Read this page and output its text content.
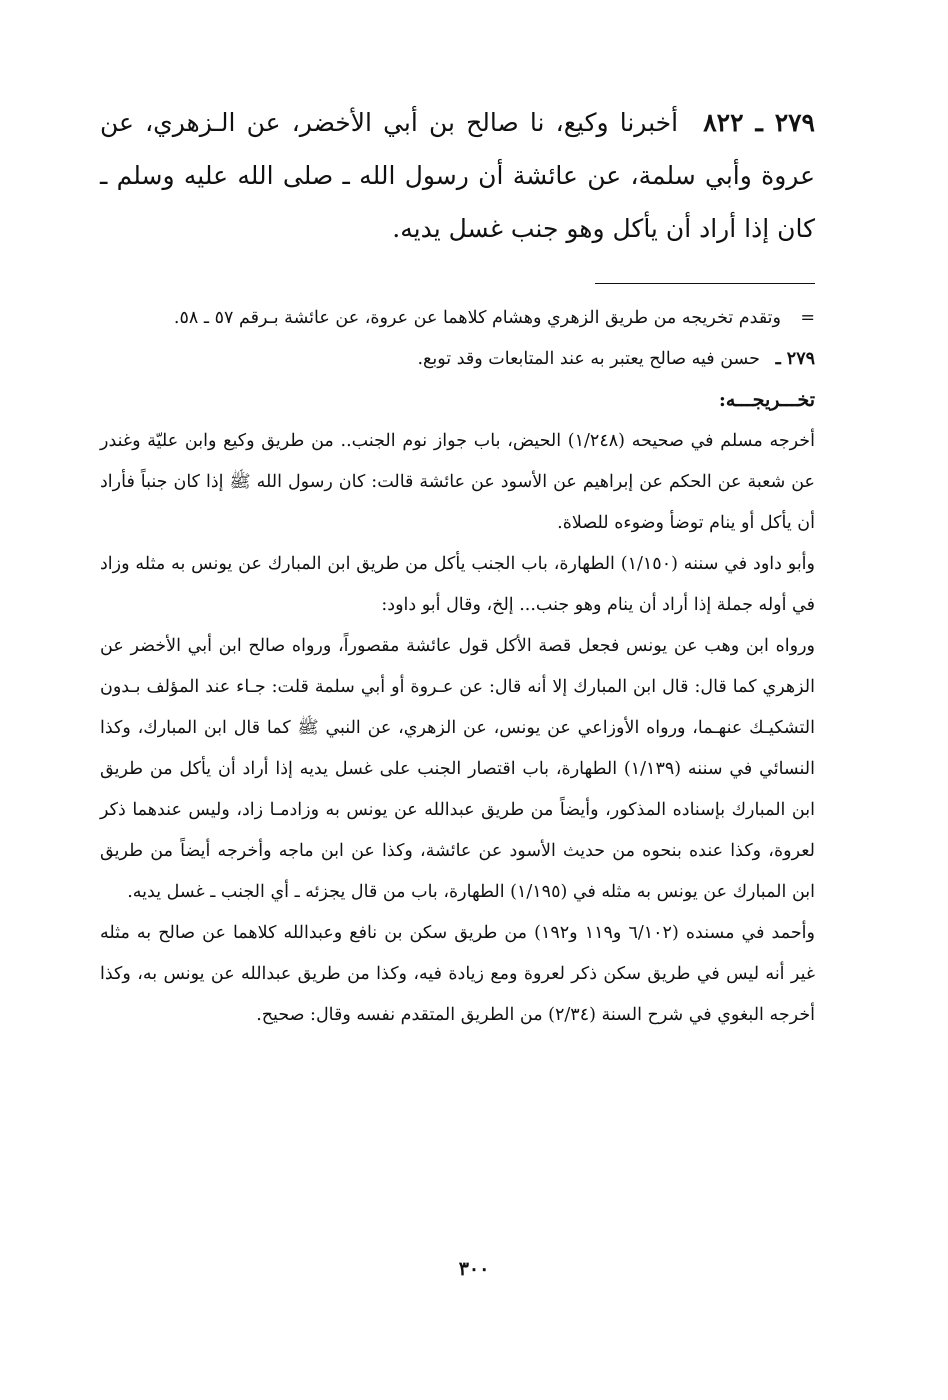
٢٧٩ ـ ٨٢٢ أخبرنا وكيع، نا صالح بن أبي الأخضر، عن الـزهري، عن عروة وأبي سلمة، عن عائشة أن رسول الله ـ صلى الله عليه وسلم ـ كان إذا أراد أن يأكل وهو جنب غسل يديه.

=
وتقدم تخريجه من طريق الزهري وهشام كلاهما عن عروة، عن عائشة بـرقم ٥٧ ـ ٥٨.

٢٧٩ ـ حسن فيه صالح يعتبر به عند المتابعات وقد توبع.

تخـــريجـــه:

أخرجه مسلم في صحيحه (١/٢٤٨) الحيض، باب جواز نوم الجنب.. من طريق وكيع وابن عليّة وغندر عن شعبة عن الحكم عن إبراهيم عن الأسود عن عائشة قالت: كان رسول الله ﷺ إذا كان جنباً فأراد أن يأكل أو ينام توضأ وضوءه للصلاة.

وأبو داود في سننه (١/١٥٠) الطهارة، باب الجنب يأكل من طريق ابن المبارك عن يونس به مثله وزاد في أوله جملة إذا أراد أن ينام وهو جنب... إلخ، وقال أبو داود:

ورواه ابن وهب عن يونس فجعل قصة الأكل قول عائشة مقصوراً، ورواه صالح ابن أبي الأخضر عن الزهري كما قال: قال ابن المبارك إلا أنه قال: عن عـروة أو أبي سلمة قلت: جـاء عند المؤلف بـدون التشكيـك عنهـما، ورواه الأوزاعي عن يونس، عن الزهري، عن النبي ﷺ كما قال ابن المبارك، وكذا النسائي في سننه (١/١٣٩) الطهارة، باب اقتصار الجنب على غسل يديه إذا أراد أن يأكل من طريق ابن المبارك بإسناده المذكور، وأيضاً من طريق عبدالله عن يونس به وزادمـا زاد، وليس عندهما ذكر لعروة، وكذا عنده بنحوه من حديث الأسود عن عائشة، وكذا عن ابن ماجه وأخرجه أيضاً من طريق ابن المبارك عن يونس به مثله في (١/١٩٥) الطهارة، باب من قال يجزئه ـ أي الجنب ـ غسل يديه.

وأحمد في مسنده (٦/١٠٢ و١١٩ و١٩٢) من طريق سكن بن نافع وعبدالله كلاهما عن صالح به مثله غير أنه ليس في طريق سكن ذكر لعروة ومع زيادة فيه، وكذا من طريق عبدالله عن يونس به، وكذا أخرجه البغوي في شرح السنة (٢/٣٤) من الطريق المتقدم نفسه وقال: صحيح.

٣٠٠
